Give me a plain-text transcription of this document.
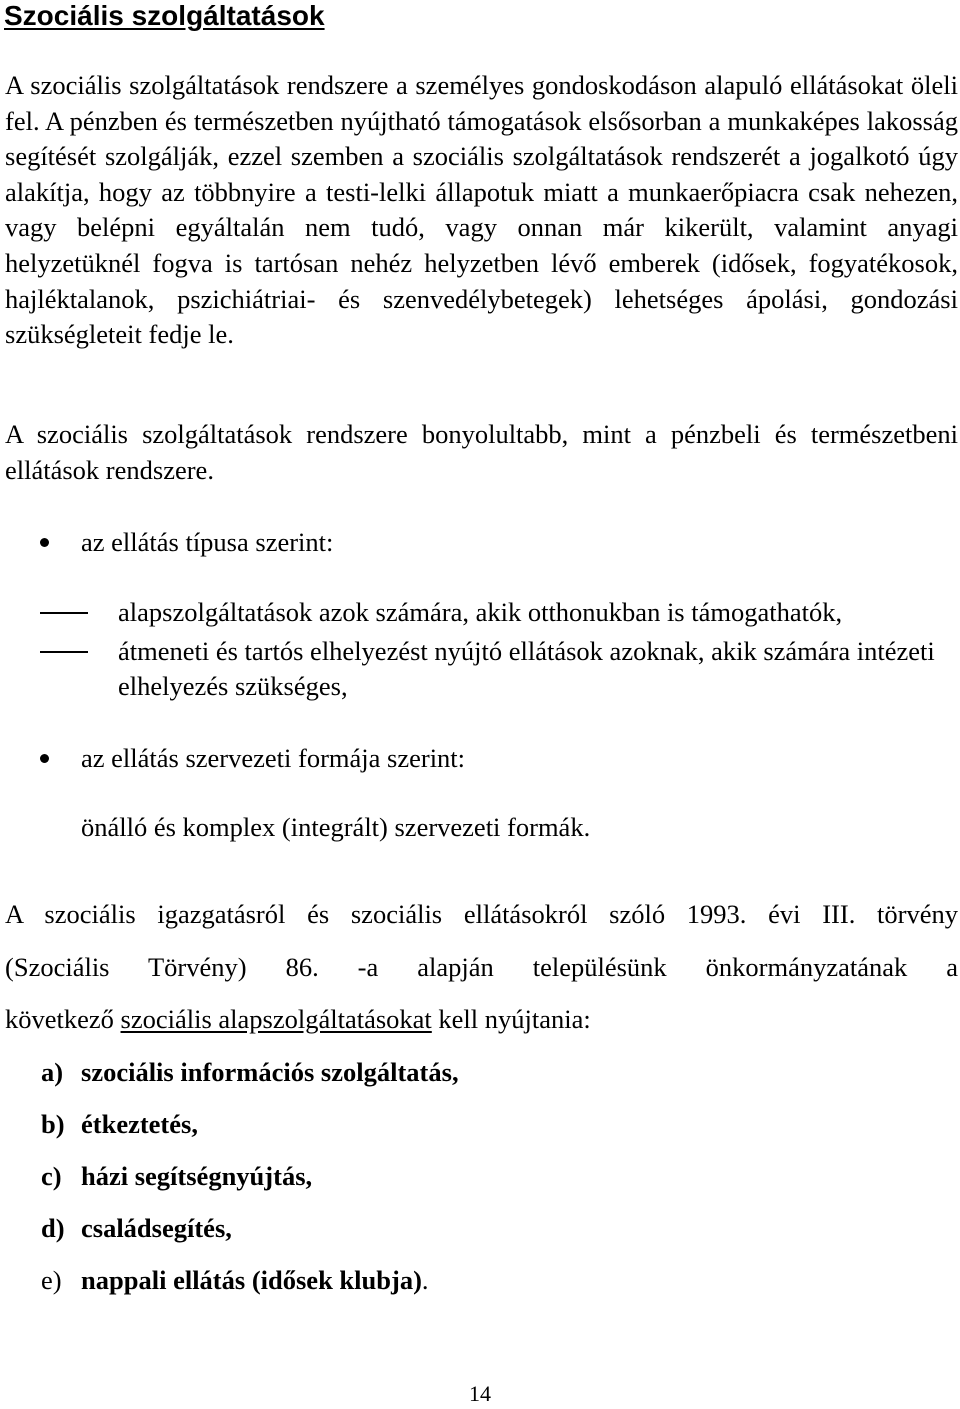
Szociális szolgáltatások

A szociális szolgáltatások rendszere a személyes gondoskodáson alapuló ellátásokat öleli fel. A pénzben és természetben nyújtható támogatások elsősorban a munkaképes lakosság segítését szolgálják, ezzel szemben a szociális szolgáltatások rendszerét a jogalkotó úgy alakítja, hogy az többnyire a testi-lelki állapotuk miatt a munkaerőpiacra csak nehezen, vagy belépni egyáltalán nem tudó, vagy onnan már kikerült, valamint anyagi helyzetüknél fogva is tartósan nehéz helyzetben lévő emberek (idősek, fogyatékosok, hajléktalanok, pszichiátriai- és szenvedélybetegek) lehetséges ápolási, gondozási szükségleteit fedje le.

A szociális szolgáltatások rendszere bonyolultabb, mint a pénzbeli és természetbeni ellátások rendszere.

az ellátás típusa szerint:
alapszolgáltatások azok számára, akik otthonukban is támogathatók,
átmeneti és tartós elhelyezést nyújtó ellátások azoknak, akik számára intézeti elhelyezés szükséges,
az ellátás szervezeti formája szerint:
önálló és komplex (integrált) szervezeti formák.
A szociális igazgatásról és szociális ellátásokról szóló 1993. évi III. törvény
(Szociális Törvény) 86. -a alapján településünk önkormányzatának a
következő szociális alapszolgáltatásokat kell nyújtania:
a) szociális információs szolgáltatás,
b) étkeztetés,
c) házi segítségnyújtás,
d) családsegítés,
e) nappali ellátás (idősek klubja).
14
